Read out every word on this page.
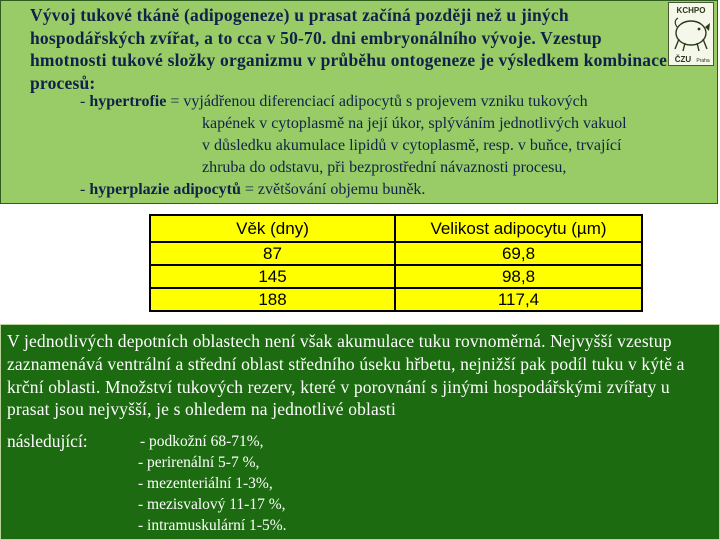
Vývoj tukové tkáně (adipogeneze) u prasat začíná později než u jiných hospodářských zvířat, a to cca v 50-70. dni embryonálního vývoje. Vzestup hmotnosti tukové složky organizmu v průběhu ontogeneze je výsledkem kombinace procesů:
KCHPO
ČZU Praha
- hypertrofie = vyjádřenou diferenciací adipocytů s projevem vzniku tukových
kapének v cytoplasmě na její úkor, splýváním jednotlivých vakuol
v důsledku akumulace lipidů v cytoplasmě, resp. v buňce, trvající
zhruba do odstavu, při bezprostřední návaznosti procesu,
- hyperplazie adipocytů = zvětšování objemu buněk.
Věk (dny)	Velikost adipocytu (µm)
87	69,8
145	98,8
188	117,4
V jednotlivých depotních oblastech není však akumulace tuku rovnoměrná. Nejvyšší vzestup zaznamenává ventrální a střední oblast středního úseku hřbetu, nejnižší pak podíl tuku v kýtě a krční oblasti. Množství tukových rezerv, které v porovnání s jinými hospodářskými zvířaty u prasat jsou nejvyšší, je s ohledem na jednotlivé oblasti
následující:	- podkožní 68-71%,
- perirenální 5-7 %,
- mezenteriální 1-3%,
- mezisvalový 11-17 %,
- intramuskulární 1-5%.
